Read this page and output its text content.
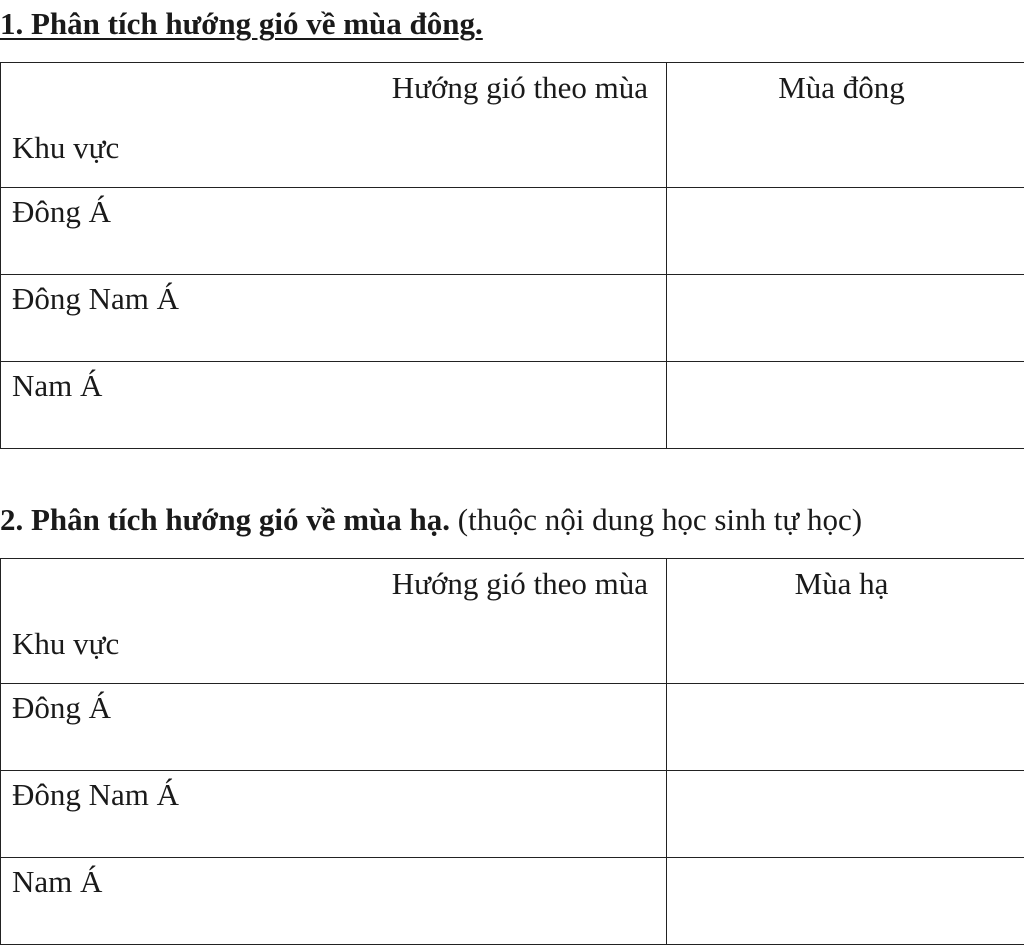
1. Phân tích hướng gió về mùa đông.
Hướng gió theo mùa
Khu vực	Mùa đông

Đông Á	

Đông Nam Á	

Nam Á	

2. Phân tích hướng gió về mùa hạ. (thuộc nội dung học sinh tự học)
Hướng gió theo mùa
Khu vực	Mùa hạ

Đông Á	

Đông Nam Á	

Nam Á	
